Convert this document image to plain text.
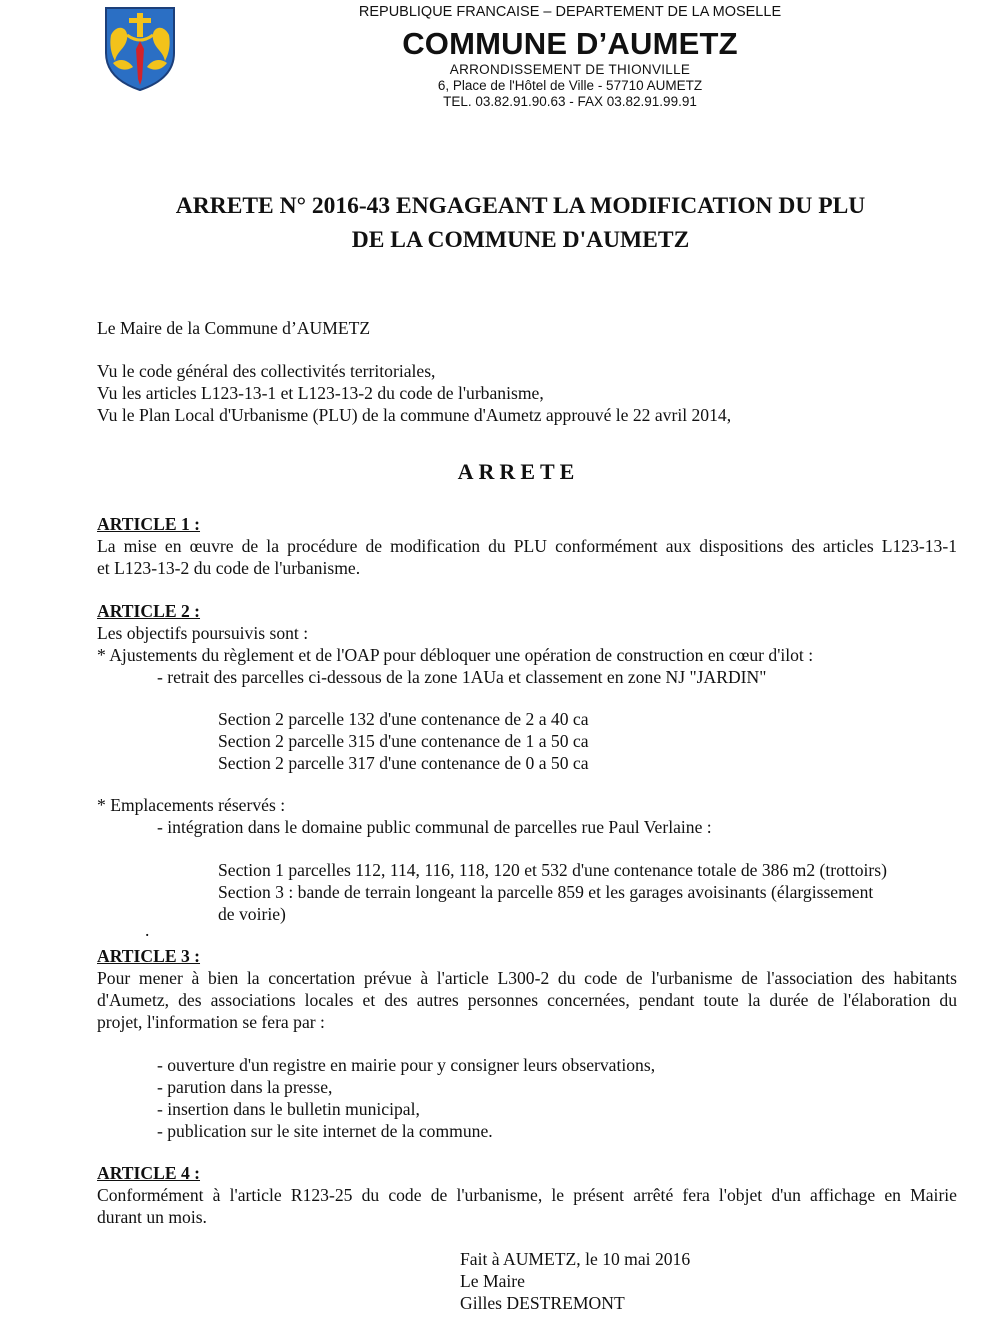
REPUBLIQUE FRANCAISE – DEPARTEMENT DE LA MOSELLE
COMMUNE D’AUMETZ
ARRONDISSEMENT DE THIONVILLE
6, Place de l'Hôtel de Ville - 57710 AUMETZ
TEL. 03.82.91.90.63 - FAX 03.82.91.99.91
ARRETE N° 2016-43 ENGAGEANT LA MODIFICATION DU PLU
DE LA COMMUNE D'AUMETZ
Le Maire de la Commune d’AUMETZ
Vu le code général des collectivités territoriales,
Vu les articles L123-13-1 et L123-13-2 du code de l'urbanisme,
Vu le Plan Local d'Urbanisme (PLU) de la commune d'Aumetz approuvé le 22 avril 2014,
ARRETE
ARTICLE 1 :
La mise en œuvre de la procédure de modification du PLU conformément aux dispositions des articles L123-13-1
et L123-13-2 du code de l'urbanisme.
ARTICLE 2 :
Les objectifs poursuivis sont :
* Ajustements du règlement et de l'OAP pour débloquer une opération de construction en cœur d'ilot :
- retrait des parcelles ci-dessous de la zone 1AUa et classement en zone NJ "JARDIN"
Section 2 parcelle 132 d'une contenance de 2 a 40 ca
Section 2 parcelle 315 d'une contenance de 1 a 50 ca
Section 2 parcelle 317 d'une contenance de 0 a 50 ca
* Emplacements réservés :
- intégration dans le domaine public communal de parcelles rue Paul Verlaine :
Section 1 parcelles 112, 114, 116, 118, 120 et 532 d'une contenance totale de 386 m2 (trottoirs)
Section 3 : bande de terrain longeant la parcelle 859 et les garages avoisinants (élargissement
de voirie)
.
ARTICLE 3 :
Pour mener à bien la concertation prévue à l'article L300-2 du code de l'urbanisme de l'association des habitants
d'Aumetz, des associations locales et des autres personnes concernées, pendant toute la durée de l'élaboration du
projet, l'information se fera par :
- ouverture d'un registre en mairie pour y consigner leurs observations,
- parution dans la presse,
- insertion dans le bulletin municipal,
- publication sur le site internet de la commune.
ARTICLE 4 :
Conformément à l'article R123-25 du code de l'urbanisme, le présent arrêté fera l'objet d'un affichage en Mairie
durant un mois.
Fait à AUMETZ, le 10 mai 2016
Le Maire
Gilles DESTREMONT
